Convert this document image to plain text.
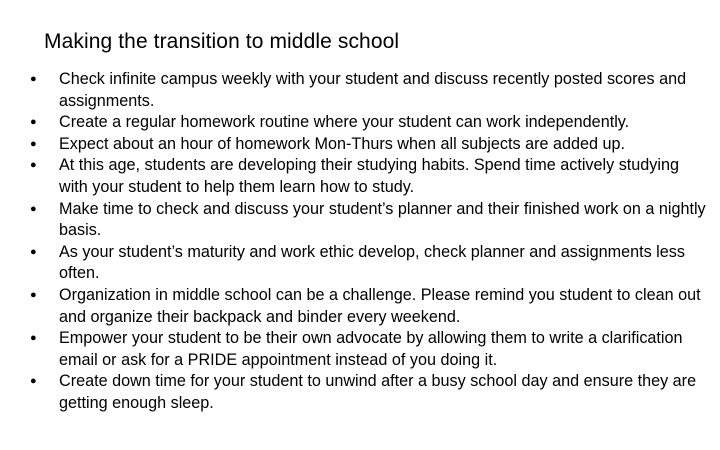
Making the transition to middle school
● Check infinite campus weekly with your student and discuss recently posted scores and assignments.
● Create a regular homework routine where your student can work independently.
● Expect about an hour of homework Mon-Thurs when all subjects are added up.
● At this age, students are developing their studying habits. Spend time actively studying with your student to help them learn how to study.
● Make time to check and discuss your student’s planner and their finished work on a nightly basis.
● As your student’s maturity and work ethic develop, check planner and assignments less often.
● Organization in middle school can be a challenge. Please remind you student to clean out and organize their backpack and binder every weekend.
● Empower your student to be their own advocate by allowing them to write a clarification email or ask for a PRIDE appointment instead of you doing it.
● Create down time for your student to unwind after a busy school day and ensure they are getting enough sleep.
